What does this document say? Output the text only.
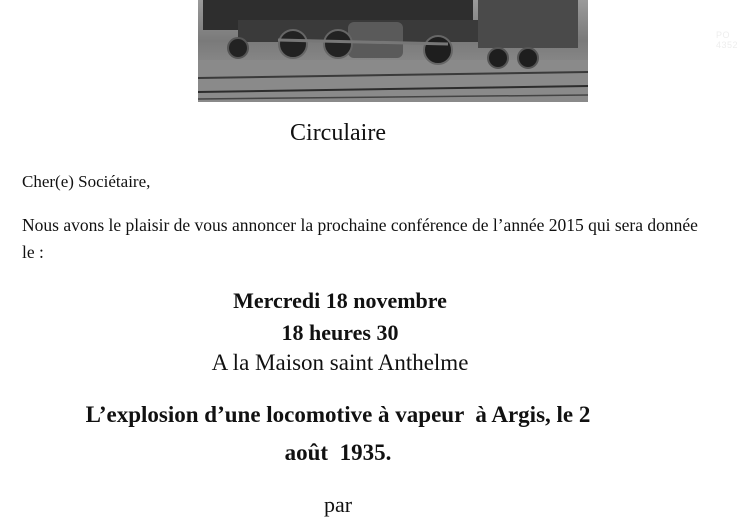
PO 4352
Circulaire
Cher(e) Sociétaire,
Nous avons le plaisir de vous annoncer la prochaine conférence de l’année 2015 qui sera donnée le :
Mercredi 18 novembre
18 heures 30
A la Maison saint Anthelme
L’explosion d’une locomotive à vapeur  à Argis, le 2
août  1935.
par
